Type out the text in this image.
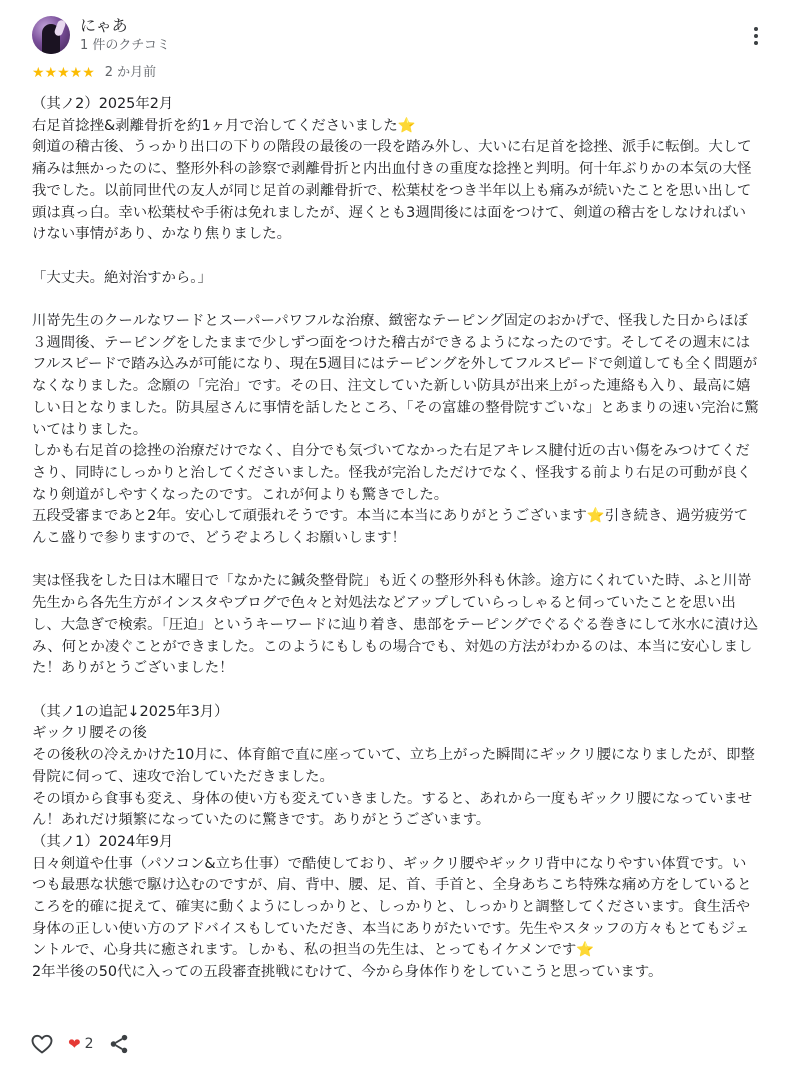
にゃあ
1 件のクチコミ
★★★★★ 2 か月前
（其ノ2）2025年2月
右足首捻挫&剥離骨折を約1ヶ月で治してくださいました⭐
剣道の稽古後、うっかり出口の下りの階段の最後の一段を踏み外し、大いに右足首を捻挫、派手に転倒。大して痛みは無かったのに、整形外科の診察で剥離骨折と内出血付きの重度な捻挫と判明。何十年ぶりかの本気の大怪我でした。以前同世代の友人が同じ足首の剥離骨折で、松葉杖をつき半年以上も痛みが続いたことを思い出して頭は真っ白。幸い松葉杖や手術は免れましたが、遅くとも3週間後には面をつけて、剣道の稽古をしなければいけない事情があり、かなり焦りました。

「大丈夫。絶対治すから。」

川嵜先生のクールなワードとスーパーパワフルな治療、緻密なテーピング固定のおかげで、怪我した日からほぼ３週間後、テーピングをしたままで少しずつ面をつけた稽古ができるようになったのです。そしてその週末にはフルスピードで踏み込みが可能になり、現在5週目にはテーピングを外してフルスピードで剣道しても全く問題がなくなりました。念願の「完治」です。その日、注文していた新しい防具が出来上がった連絡も入り、最高に嬉しい日となりました。防具屋さんに事情を話したところ、「その富雄の整骨院すごいな」とあまりの速い完治に驚いてはりました。
しかも右足首の捻挫の治療だけでなく、自分でも気づいてなかった右足アキレス腱付近の古い傷をみつけてくださり、同時にしっかりと治してくださいました。怪我が完治しただけでなく、怪我する前より右足の可動が良くなり剣道がしやすくなったのです。これが何よりも驚きでした。
五段受審まであと2年。安心して頑張れそうです。本当に本当にありがとうございます⭐引き続き、過労疲労てんこ盛りで参りますので、どうぞよろしくお願いします！

実は怪我をした日は木曜日で「なかたに鍼灸整骨院」も近くの整形外科も休診。途方にくれていた時、ふと川嵜先生から各先生方がインスタやブログで色々と対処法などアップしていらっしゃると伺っていたことを思い出し、大急ぎで検索。「圧迫」というキーワードに辿り着き、患部をテーピングでぐるぐる巻きにして氷水に漬け込み、何とか凌ぐことができました。このようにもしもの場合でも、対処の方法がわかるのは、本当に安心しました！ありがとうございました！

（其ノ1の追記↓2025年3月）
ギックリ腰その後
その後秋の冷えかけた10月に、体育館で直に座っていて、立ち上がった瞬間にギックリ腰になりましたが、即整骨院に伺って、速攻で治していただきました。
その頃から食事も変え、身体の使い方も変えていきました。すると、あれから一度もギックリ腰になっていません！あれだけ頻繁になっていたのに驚きです。ありがとうございます。
（其ノ1）2024年9月
日々剣道や仕事（パソコン&立ち仕事）で酷使しており、ギックリ腰やギックリ背中になりやすい体質です。いつも最悪な状態で駆け込むのですが、肩、背中、腰、足、首、手首と、全身あちこち特殊な痛め方をしているところを的確に捉えて、確実に動くようにしっかりと、しっかりと、しっかりと調整してくださいます。食生活や身体の正しい使い方のアドバイスもしていただき、本当にありがたいです。先生やスタッフの方々もとてもジェントルで、心身共に癒されます。しかも、私の担当の先生は、とってもイケメンです⭐
2年半後の50代に入っての五段審査挑戦にむけて、今から身体作りをしていこうと思っています。
❤ 2
